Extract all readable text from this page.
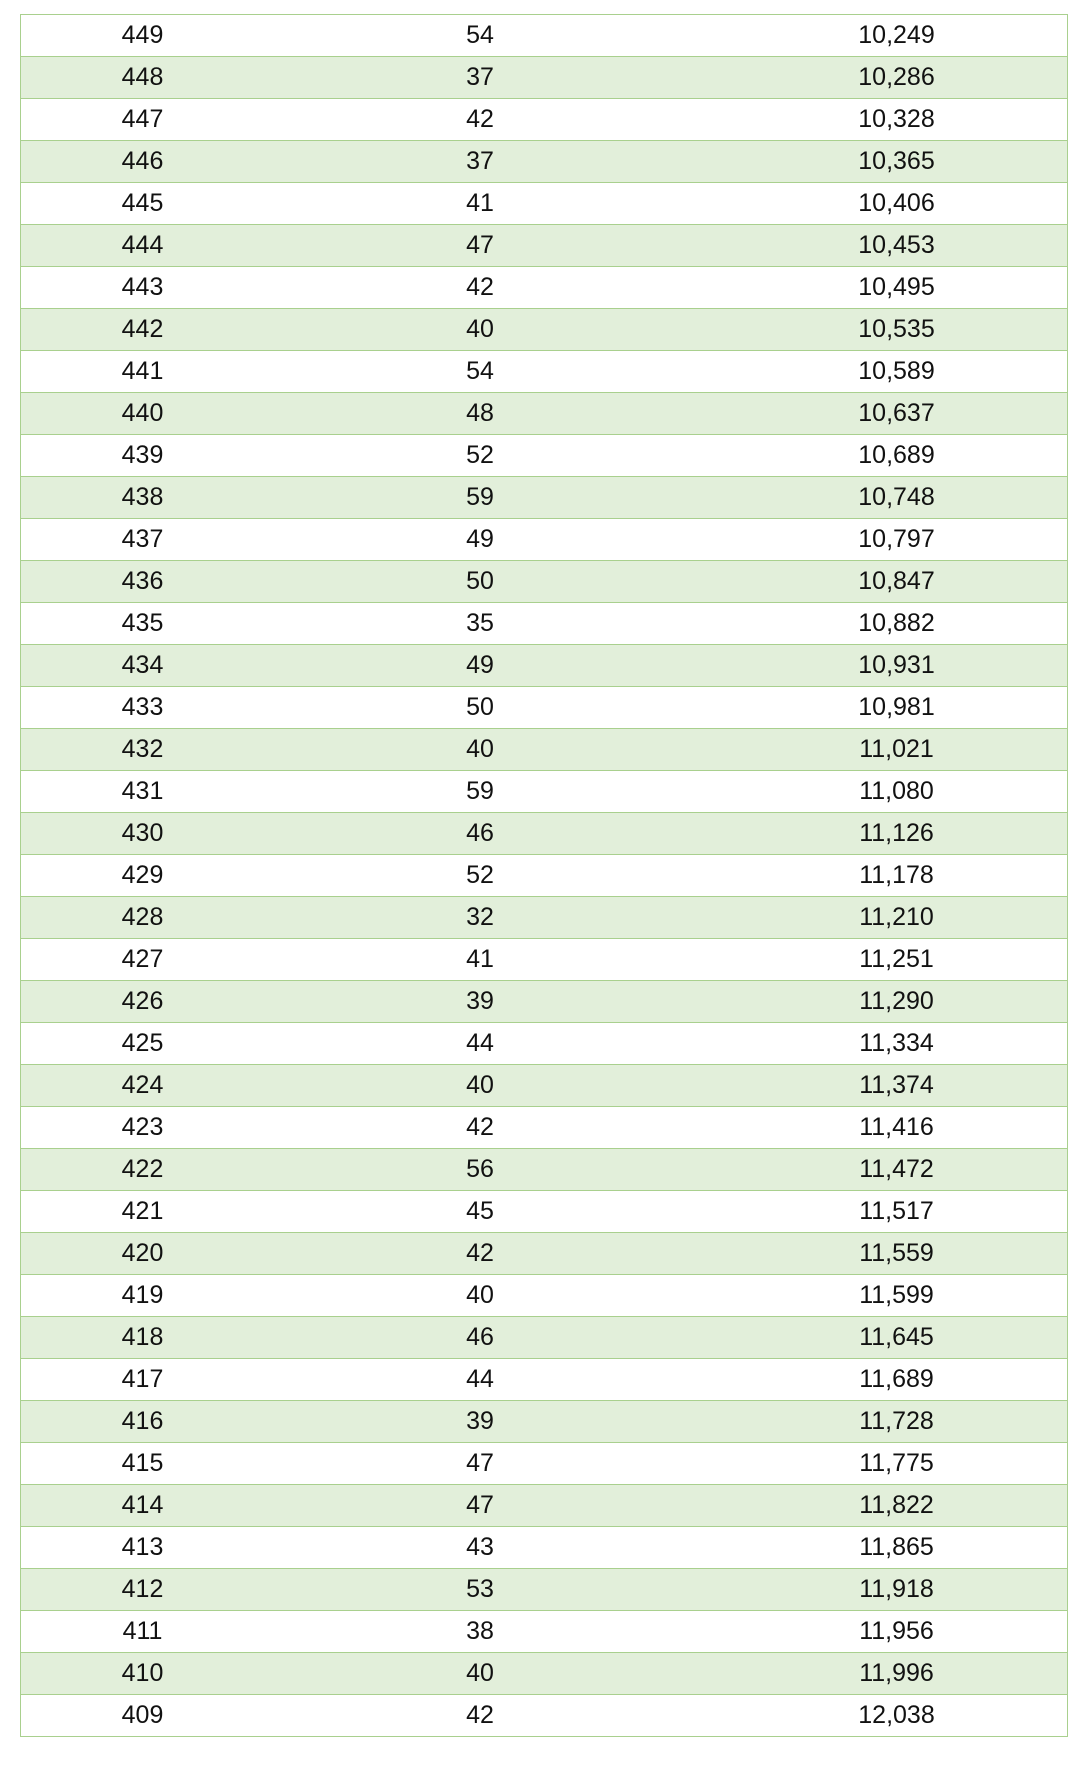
449	54	10,249
448	37	10,286
447	42	10,328
446	37	10,365
445	41	10,406
444	47	10,453
443	42	10,495
442	40	10,535
441	54	10,589
440	48	10,637
439	52	10,689
438	59	10,748
437	49	10,797
436	50	10,847
435	35	10,882
434	49	10,931
433	50	10,981
432	40	11,021
431	59	11,080
430	46	11,126
429	52	11,178
428	32	11,210
427	41	11,251
426	39	11,290
425	44	11,334
424	40	11,374
423	42	11,416
422	56	11,472
421	45	11,517
420	42	11,559
419	40	11,599
418	46	11,645
417	44	11,689
416	39	11,728
415	47	11,775
414	47	11,822
413	43	11,865
412	53	11,918
411	38	11,956
410	40	11,996
409	42	12,038
